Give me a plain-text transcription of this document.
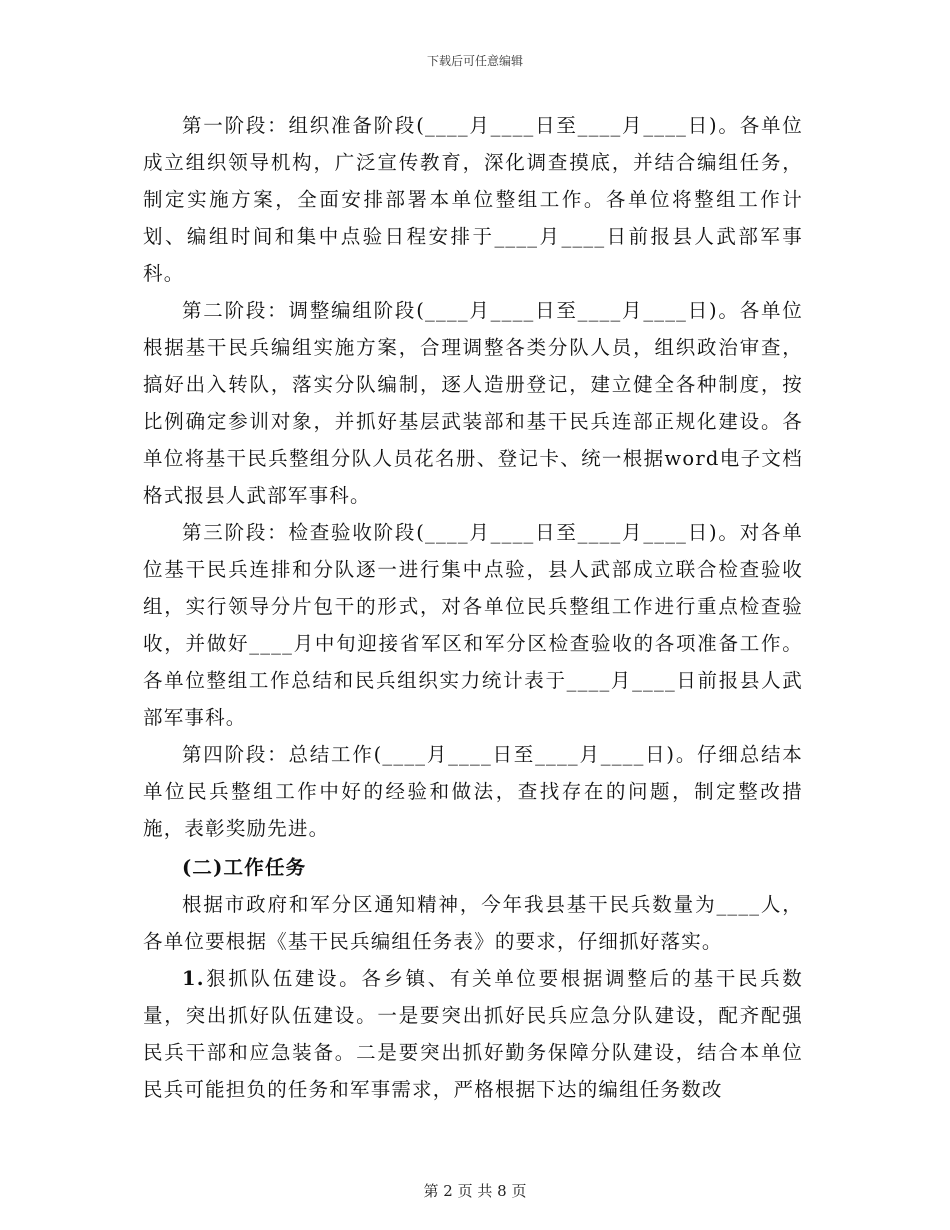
下载后可任意编辑

第一阶段：组织准备阶段(____月____日至____月____日)。各单位成立组织领导机构，广泛宣传教育，深化调查摸底，并结合编组任务，制定实施方案，全面安排部署本单位整组工作。各单位将整组工作计划、编组时间和集中点验日程安排于____月____日前报县人武部军事科。

第二阶段：调整编组阶段(____月____日至____月____日)。各单位根据基干民兵编组实施方案，合理调整各类分队人员，组织政治审查，搞好出入转队，落实分队编制，逐人造册登记，建立健全各种制度，按比例确定参训对象，并抓好基层武装部和基干民兵连部正规化建设。各单位将基干民兵整组分队人员花名册、登记卡、统一根据word电子文档格式报县人武部军事科。

第三阶段：检查验收阶段(____月____日至____月____日)。对各单位基干民兵连排和分队逐一进行集中点验，县人武部成立联合检查验收组，实行领导分片包干的形式，对各单位民兵整组工作进行重点检查验收，并做好____月中旬迎接省军区和军分区检查验收的各项准备工作。各单位整组工作总结和民兵组织实力统计表于____月____日前报县人武部军事科。

第四阶段：总结工作(____月____日至____月____日)。仔细总结本单位民兵整组工作中好的经验和做法，查找存在的问题，制定整改措施，表彰奖励先进。

(二)工作任务

根据市政府和军分区通知精神，今年我县基干民兵数量为____人，各单位要根据《基干民兵编组任务表》的要求，仔细抓好落实。

1.狠抓队伍建设。各乡镇、有关单位要根据调整后的基干民兵数量，突出抓好队伍建设。一是要突出抓好民兵应急分队建设，配齐配强民兵干部和应急装备。二是要突出抓好勤务保障分队建设，结合本单位民兵可能担负的任务和军事需求，严格根据下达的编组任务数改

第 2 页 共 8 页
